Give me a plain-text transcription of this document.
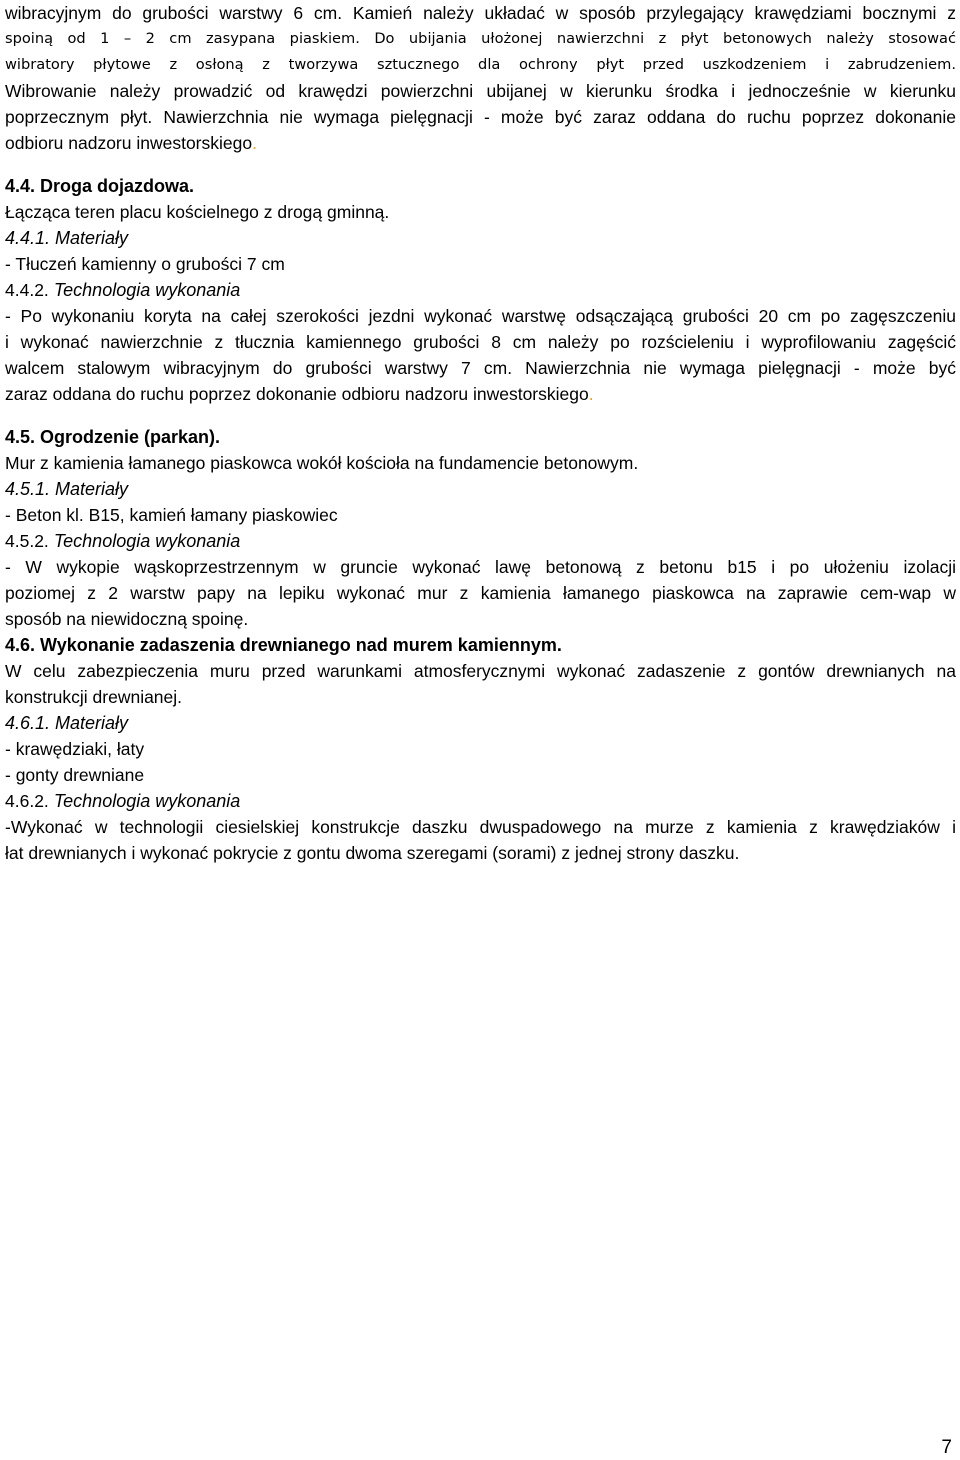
wibracyjnym do grubości warstwy 6 cm. Kamień należy układać w sposób przylegający krawędziami bocznymi z
spoiną od 1 – 2 cm zasypana piaskiem. Do ubijania ułożonej nawierzchni z płyt betonowych należy stosować
wibratory płytowe z osłoną z tworzywa sztucznego dla ochrony płyt przed uszkodzeniem i zabrudzeniem.
Wibrowanie należy prowadzić od krawędzi powierzchni ubijanej w kierunku środka i jednocześnie w kierunku
poprzecznym płyt. Nawierzchnia nie wymaga pielęgnacji - może być zaraz oddana do ruchu poprzez dokonanie
odbioru nadzoru inwestorskiego.
4.4. Droga dojazdowa.
Łącząca teren placu kościelnego z drogą gminną.
4.4.1. Materiały
- Tłuczeń kamienny o grubości 7 cm
4.4.2. Technologia wykonania
- Po wykonaniu koryta na całej szerokości jezdni wykonać warstwę odsączającą grubości 20 cm po zagęszczeniu
i wykonać nawierzchnie z tłucznia kamiennego grubości 8 cm należy po rozścieleniu i wyprofilowaniu zagęścić
walcem stalowym wibracyjnym do grubości warstwy 7 cm. Nawierzchnia nie wymaga pielęgnacji - może być
zaraz oddana do ruchu poprzez dokonanie odbioru nadzoru inwestorskiego.
4.5. Ogrodzenie (parkan).
Mur z kamienia łamanego piaskowca wokół kościoła na fundamencie betonowym.
4.5.1. Materiały
- Beton kl. B15, kamień łamany piaskowiec
4.5.2. Technologia wykonania
- W wykopie wąskoprzestrzennym w gruncie wykonać lawę betonową z betonu b15 i po ułożeniu izolacji
poziomej z 2 warstw papy na lepiku wykonać mur z kamienia łamanego piaskowca na zaprawie cem-wap w
sposób na niewidoczną spoinę.
4.6. Wykonanie zadaszenia drewnianego nad murem kamiennym.
W celu zabezpieczenia muru przed warunkami atmosferycznymi wykonać zadaszenie z gontów drewnianych na
konstrukcji drewnianej.
4.6.1. Materiały
- krawędziaki, łaty
- gonty drewniane
4.6.2. Technologia wykonania
-Wykonać w technologii ciesielskiej konstrukcje daszku dwuspadowego na murze z kamienia z krawędziaków i
łat drewnianych i wykonać pokrycie z gontu dwoma szeregami (sorami) z jednej strony daszku.
7
